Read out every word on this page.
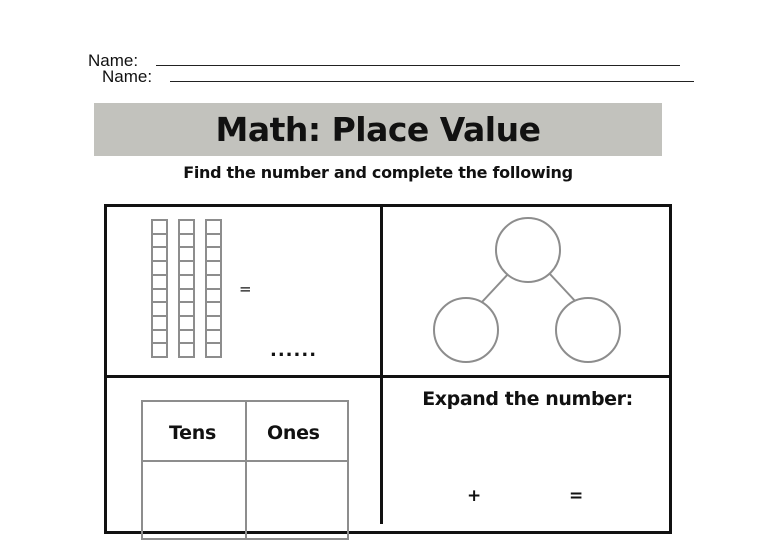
Name:
Name:
Math: Place Value
Find the number and complete the following
=
......
Tens	Ones
Expand the number:
+	=
